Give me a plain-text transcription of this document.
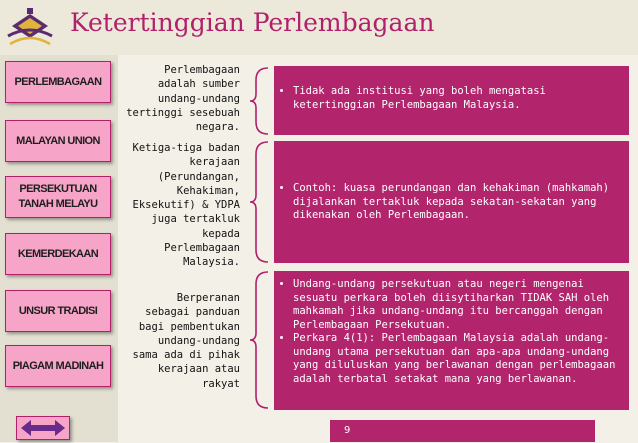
Ketertinggian Perlembagaan
PERLEMBAGAAN
MALAYAN UNION
PERSEKUTUAN
TANAH MELAYU
KEMERDEKAAN
UNSUR TRADISI
PIAGAM MADINAH
Perlembagaan
adalah sumber
undang-undang
tertinggi sesebuah
negara.
Ketiga-tiga badan
kerajaan
(Perundangan,
Kehakiman,
Eksekutif) & YDPA
juga tertakluk
kepada
Perlembagaan
Malaysia.
Berperanan
sebagai panduan
bagi pembentukan
undang-undang
sama ada di pihak
kerajaan atau
rakyat
• Tidak ada institusi yang boleh mengatasi ketertinggian Perlembagaan Malaysia.
• Contoh: kuasa perundangan dan kehakiman (mahkamah) dijalankan tertakluk kepada sekatan-sekatan yang dikenakan oleh Perlembagaan.
• Undang-undang persekutuan atau negeri mengenai sesuatu perkara boleh diisytiharkan TIDAK SAH oleh mahkamah jika undang-undang itu bercanggah dengan Perlembagaan Persekutuan.
• Perkara 4(1): Perlembagaan Malaysia adalah undang-undang utama persekutuan dan apa-apa undang-undang yang diluluskan yang berlawanan dengan perlembagaan adalah terbatal setakat mana yang berlawanan.
9
